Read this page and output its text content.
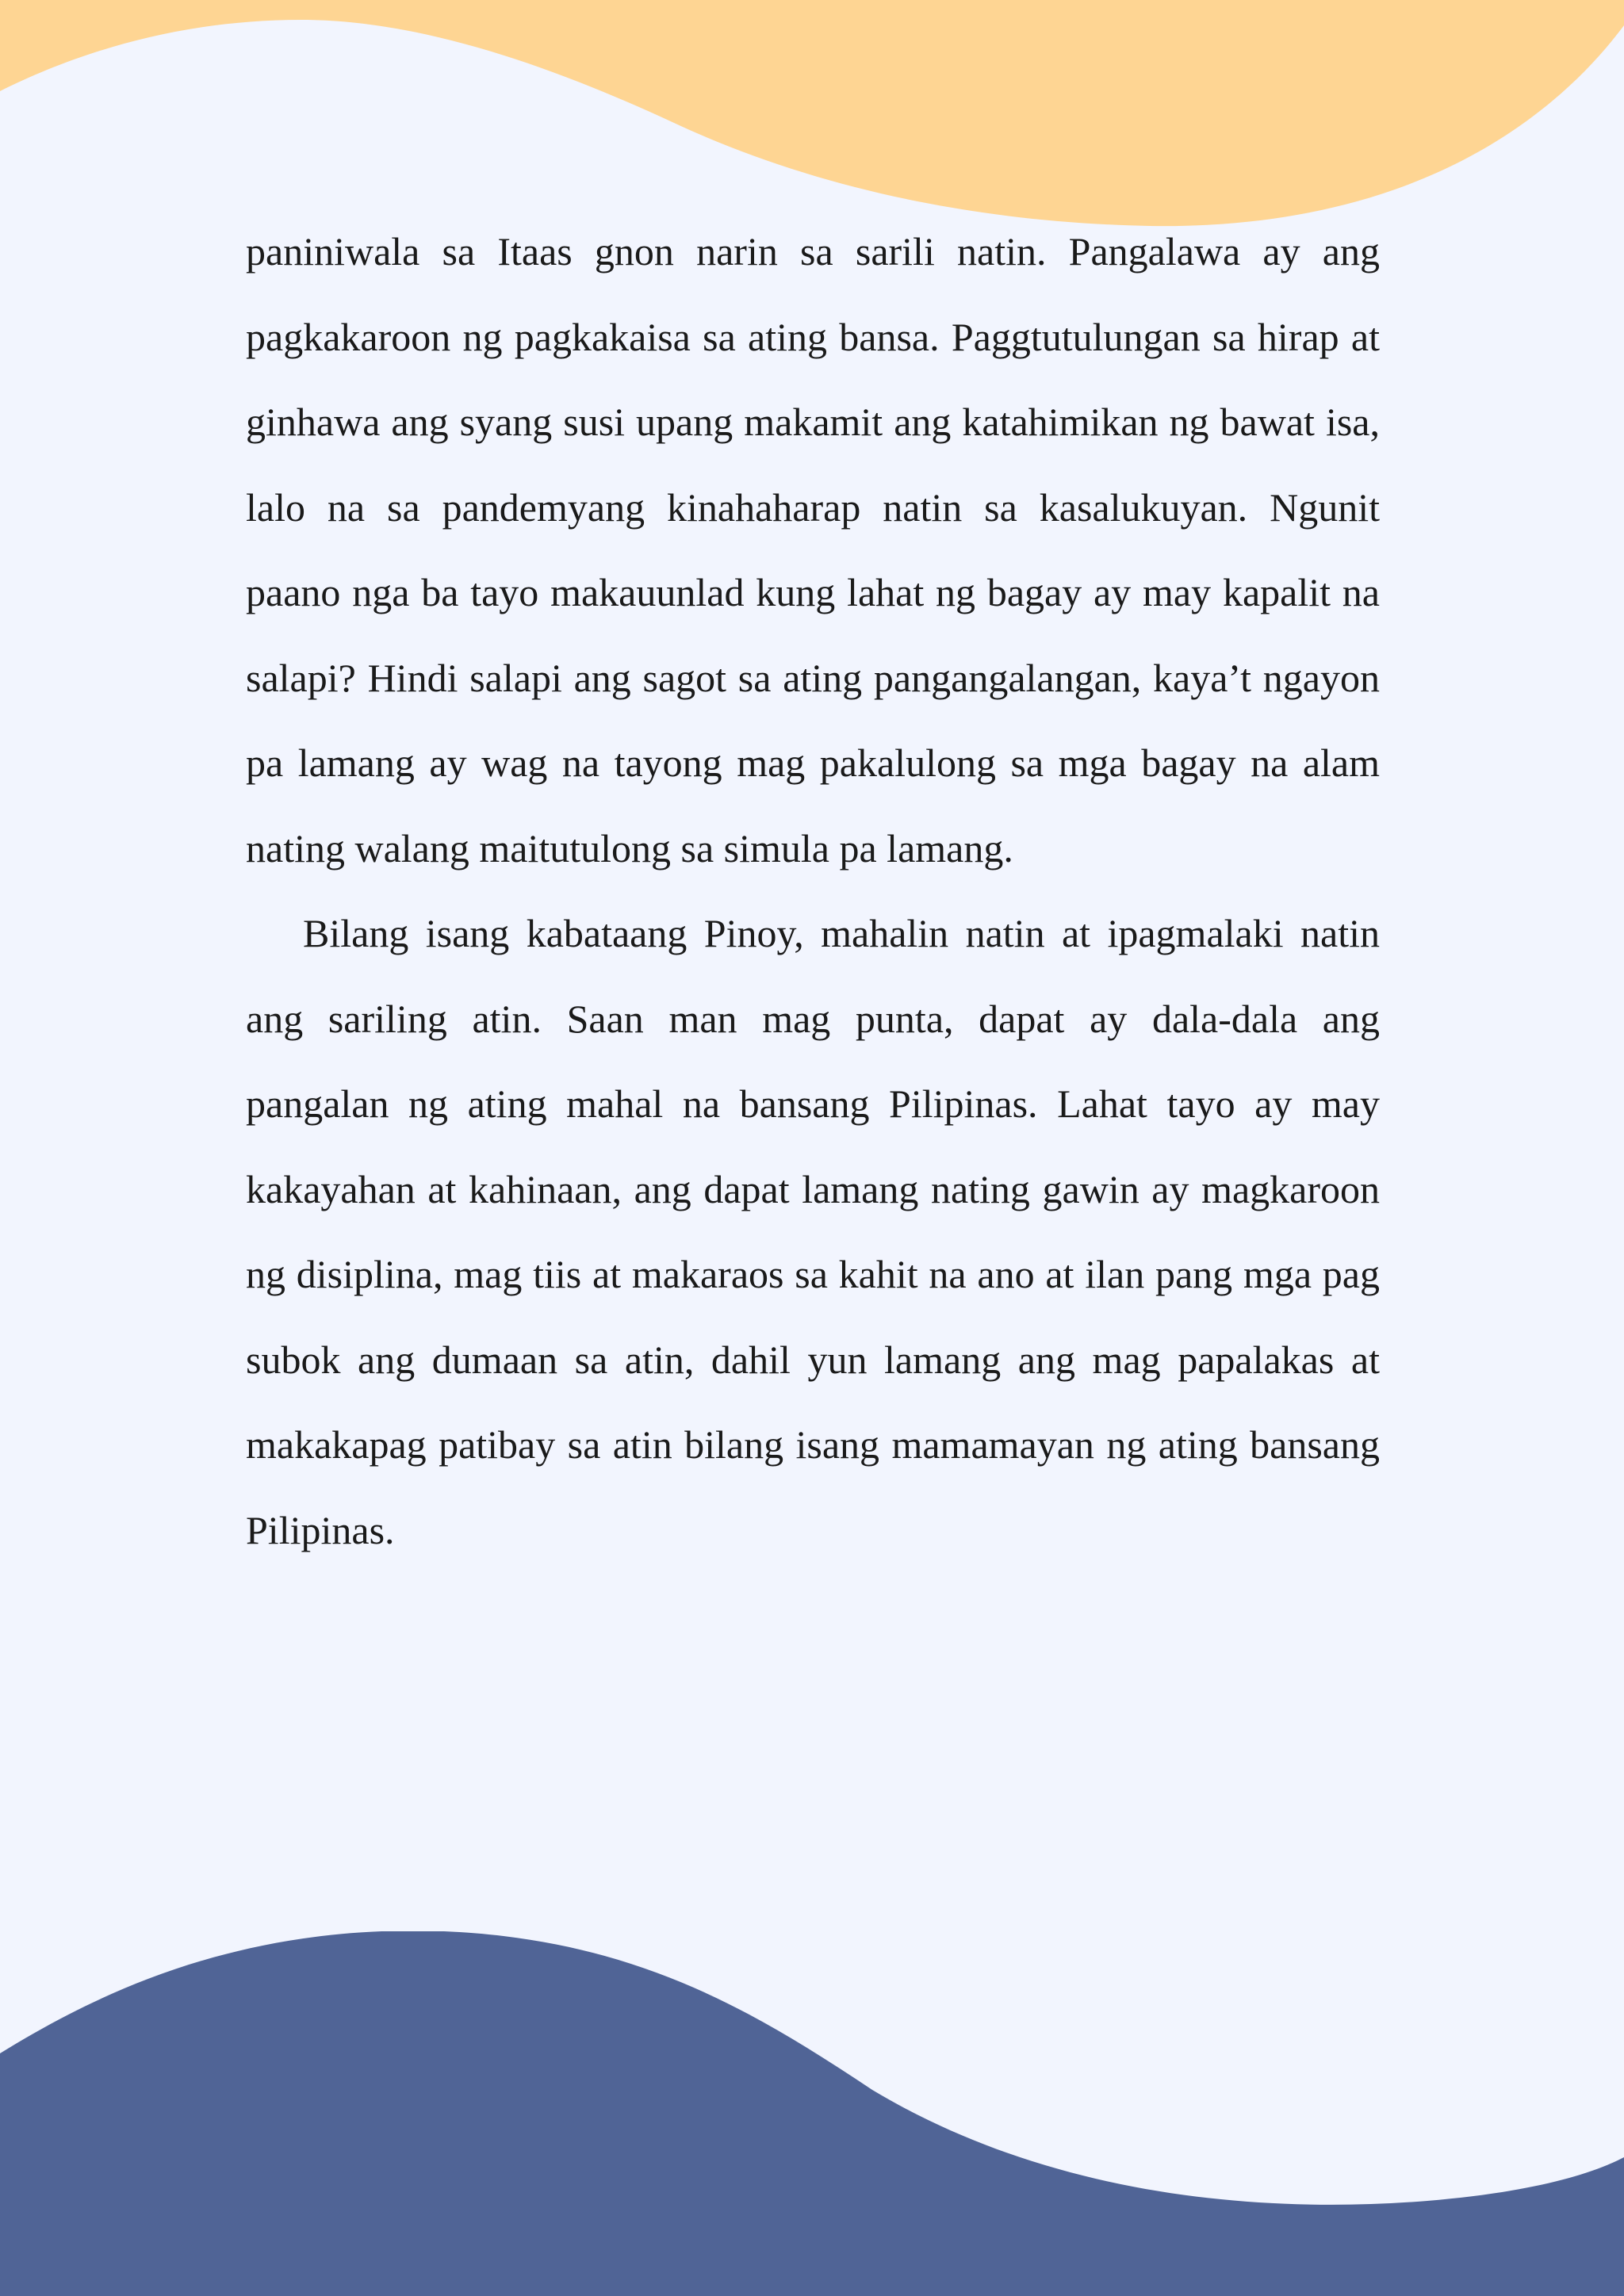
paniniwala sa Itaas gnon narin sa sarili natin. Pangalawa ay ang pagkakaroon ng pagkakaisa sa ating bansa. Paggtutulungan sa hirap at ginhawa ang syang susi upang makamit ang katahimikan ng bawat isa, lalo na sa pandemyang kinahaharap natin sa kasalukuyan. Ngunit paano nga ba tayo makauunlad kung lahat ng bagay ay may kapalit na salapi? Hindi salapi ang sagot sa ating pangangalangan, kaya’t ngayon pa lamang ay wag na tayong mag pakalulong sa mga bagay na alam nating walang maitutulong sa simula pa lamang.

Bilang isang kabataang Pinoy, mahalin natin at ipagmalaki natin ang sariling atin. Saan man mag punta, dapat ay dala-dala ang pangalan ng ating mahal na bansang Pilipinas. Lahat tayo ay may kakayahan at kahinaan, ang dapat lamang nating gawin ay magkaroon ng disiplina, mag tiis at makaraos sa kahit na ano at ilan pang mga pag subok ang dumaan sa atin, dahil yun lamang ang mag papalakas at makakapag patibay sa atin bilang isang mamamayan ng ating bansang Pilipinas.
